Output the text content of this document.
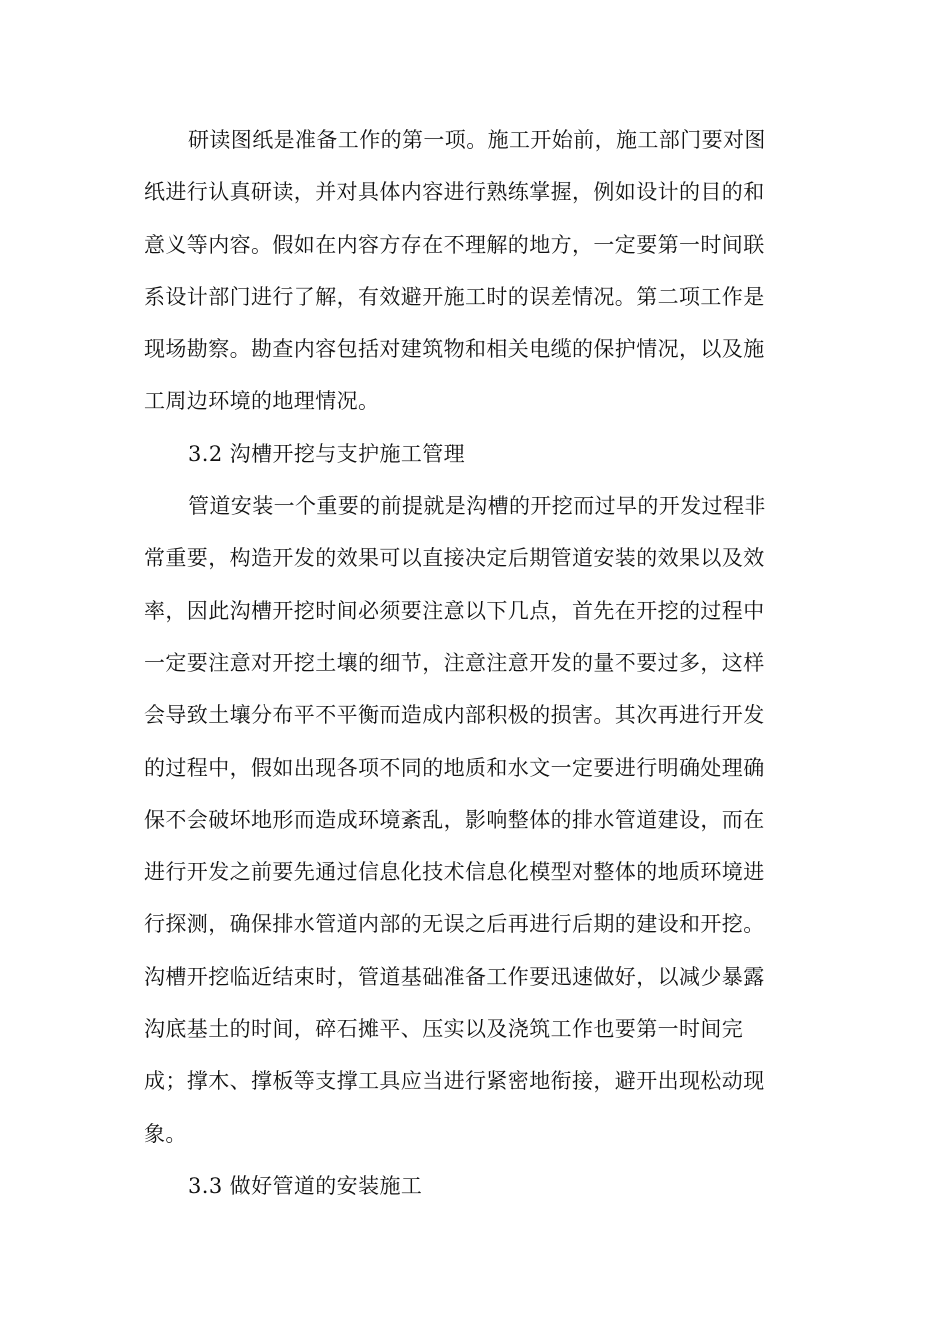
研读图纸是准备工作的第一项。施工开始前，施工部门要对图
纸进行认真研读，并对具体内容进行熟练掌握，例如设计的目的和
意义等内容。假如在内容方存在不理解的地方，一定要第一时间联
系设计部门进行了解，有效避开施工时的误差情况。第二项工作是
现场勘察。勘查内容包括对建筑物和相关电缆的保护情况，以及施
工周边环境的地理情况。
3.2 沟槽开挖与支护施工管理
管道安装一个重要的前提就是沟槽的开挖而过早的开发过程非
常重要，构造开发的效果可以直接决定后期管道安装的效果以及效
率，因此沟槽开挖时间必须要注意以下几点，首先在开挖的过程中
一定要注意对开挖土壤的细节，注意注意开发的量不要过多，这样
会导致土壤分布平不平衡而造成内部积极的损害。其次再进行开发
的过程中，假如出现各项不同的地质和水文一定要进行明确处理确
保不会破坏地形而造成环境紊乱，影响整体的排水管道建设，而在
进行开发之前要先通过信息化技术信息化模型对整体的地质环境进
行探测，确保排水管道内部的无误之后再进行后期的建设和开挖。
沟槽开挖临近结束时，管道基础准备工作要迅速做好，以减少暴露
沟底基土的时间，碎石摊平、压实以及浇筑工作也要第一时间完
成；撑木、撑板等支撑工具应当进行紧密地衔接，避开出现松动现
象。
3.3 做好管道的安装施工
